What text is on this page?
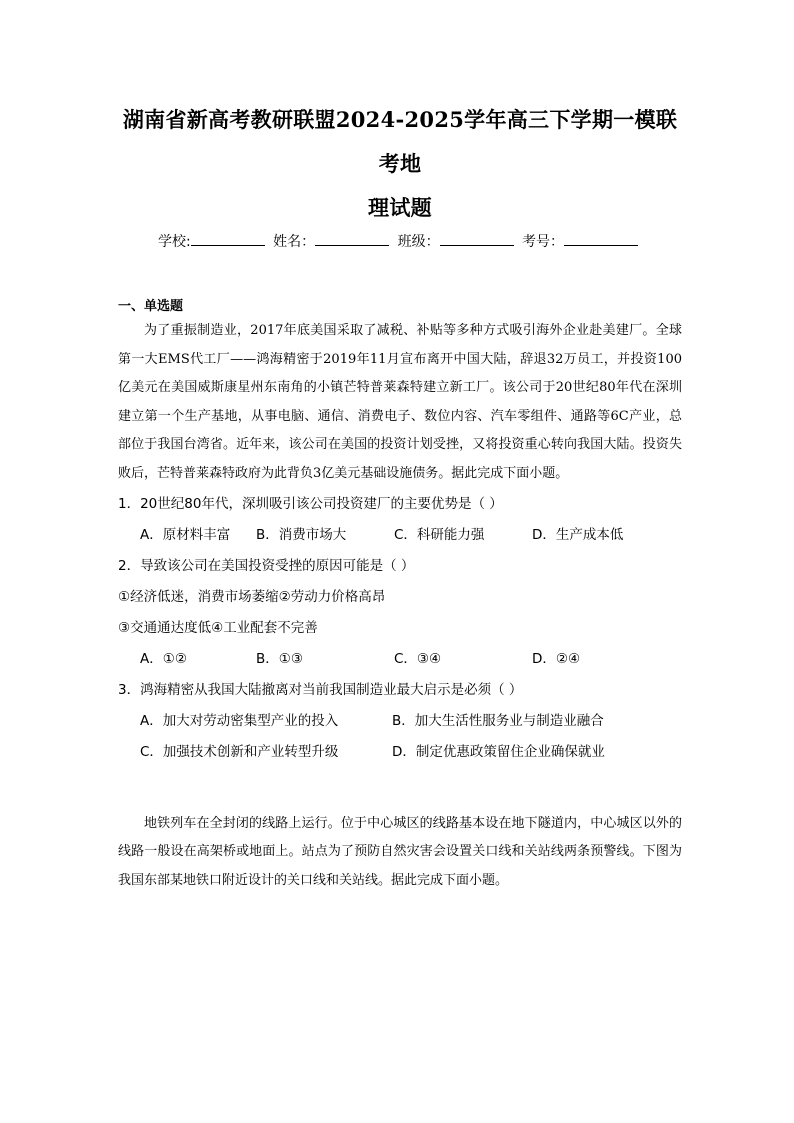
湖南省新高考教研联盟2024-2025学年高三下学期一模联考地
理试题
学校:	姓名：	班级：	考号：
一、单选题

为了重振制造业，2017年底美国采取了减税、补贴等多种方式吸引海外企业赴美建厂。全球第一大EMS代工厂——鸿海精密于2019年11月宣布离开中国大陆，辞退32万员工，并投资100亿美元在美国威斯康星州东南角的小镇芒特普莱森特建立新工厂。该公司于20世纪80年代在深圳建立第一个生产基地，从事电脑、通信、消费电子、数位内容、汽车零组件、通路等6C产业，总部位于我国台湾省。近年来，该公司在美国的投资计划受挫，又将投资重心转向我国大陆。投资失败后，芒特普莱森特政府为此背负3亿美元基础设施债务。据此完成下面小题。

1．20世纪80年代，深圳吸引该公司投资建厂的主要优势是（ ）

A．原材料丰富	B．消费市场大	C．科研能力强	D．生产成本低

2．导致该公司在美国投资受挫的原因可能是（ ）

①经济低迷，消费市场萎缩②劳动力价格高昂

③交通通达度低④工业配套不完善

A．①②	B．①③	C．③④	D．②④

3．鸿海精密从我国大陆撤离对当前我国制造业最大启示是必须（ ）

A．加大对劳动密集型产业的投入	B．加大生活性服务业与制造业融合
C．加强技术创新和产业转型升级	D．制定优惠政策留住企业确保就业

地铁列车在全封闭的线路上运行。位于中心城区的线路基本设在地下隧道内，中心城区以外的线路一般设在高架桥或地面上。站点为了预防自然灾害会设置关口线和关站线两条预警线。下图为我国东部某地铁口附近设计的关口线和关站线。据此完成下面小题。
